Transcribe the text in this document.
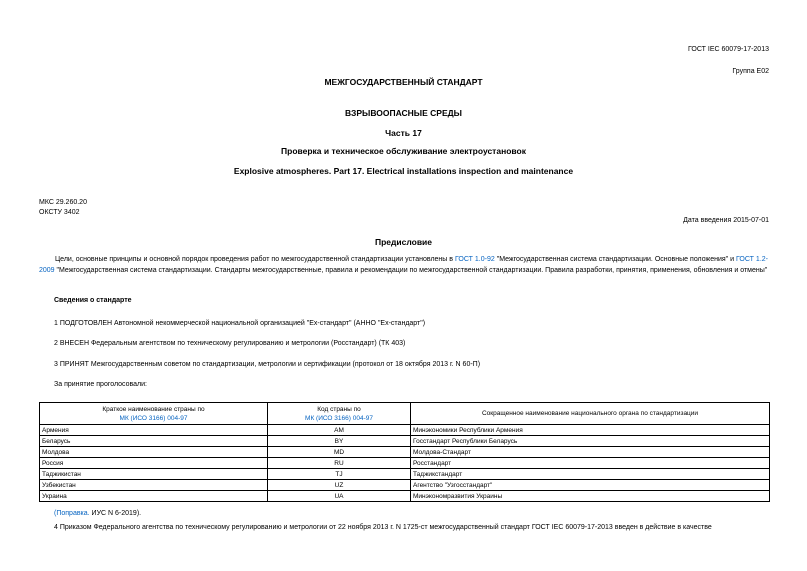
ГОСТ IEC 60079-17-2013
Группа Е02
МЕЖГОСУДАРСТВЕННЫЙ СТАНДАРТ
ВЗРЫВООПАСНЫЕ СРЕДЫ
Часть 17
Проверка и техническое обслуживание электроустановок
Explosive atmospheres. Part 17. Electrical installations inspection and maintenance
МКС 29.260.20
ОКСТУ 3402
Дата введения 2015-07-01
Предисловие
Цели, основные принципы и основной порядок проведения работ по межгосударственной стандартизации установлены в ГОСТ 1.0-92 "Межгосударственная система стандартизации. Основные положения" и ГОСТ 1.2-2009 "Межгосударственная система стандартизации. Стандарты межгосударственные, правила и рекомендации по межгосударственной стандартизации. Правила разработки, принятия, применения, обновления и отмены"
Сведения о стандарте
1 ПОДГОТОВЛЕН Автономной некоммерческой национальной организацией "Ех-стандарт" (АННО "Ех-стандарт")
2 ВНЕСЕН Федеральным агентством по техническому регулированию и метрологии (Росстандарт) (ТК 403)
3 ПРИНЯТ Межгосударственным советом по стандартизации, метрологии и сертификации (протокол от 18 октября 2013 г. N 60-П)
За принятие проголосовали:
Краткое наименование страны по
МК (ИСО 3166) 004-97	Код страны по
МК (ИСО 3166) 004-97	Сокращенное наименование национального органа по стандартизации
Армения	AM	Минэкономики Республики Армения
Беларусь	BY	Госстандарт Республики Беларусь
Молдова	MD	Молдова-Стандарт
Россия	RU	Росстандарт
Таджикистан	TJ	Таджикстандарт
Узбекистан	UZ	Агентство "Узгосстандарт"
Украина	UA	Минэкономразвития Украины
(Поправка. ИУС N 6-2019).
4 Приказом Федерального агентства по техническому регулированию и метрологии от 22 ноября 2013 г. N 1725-ст межгосударственный стандарт ГОСТ IEC 60079-17-2013 введен в действие в качестве
